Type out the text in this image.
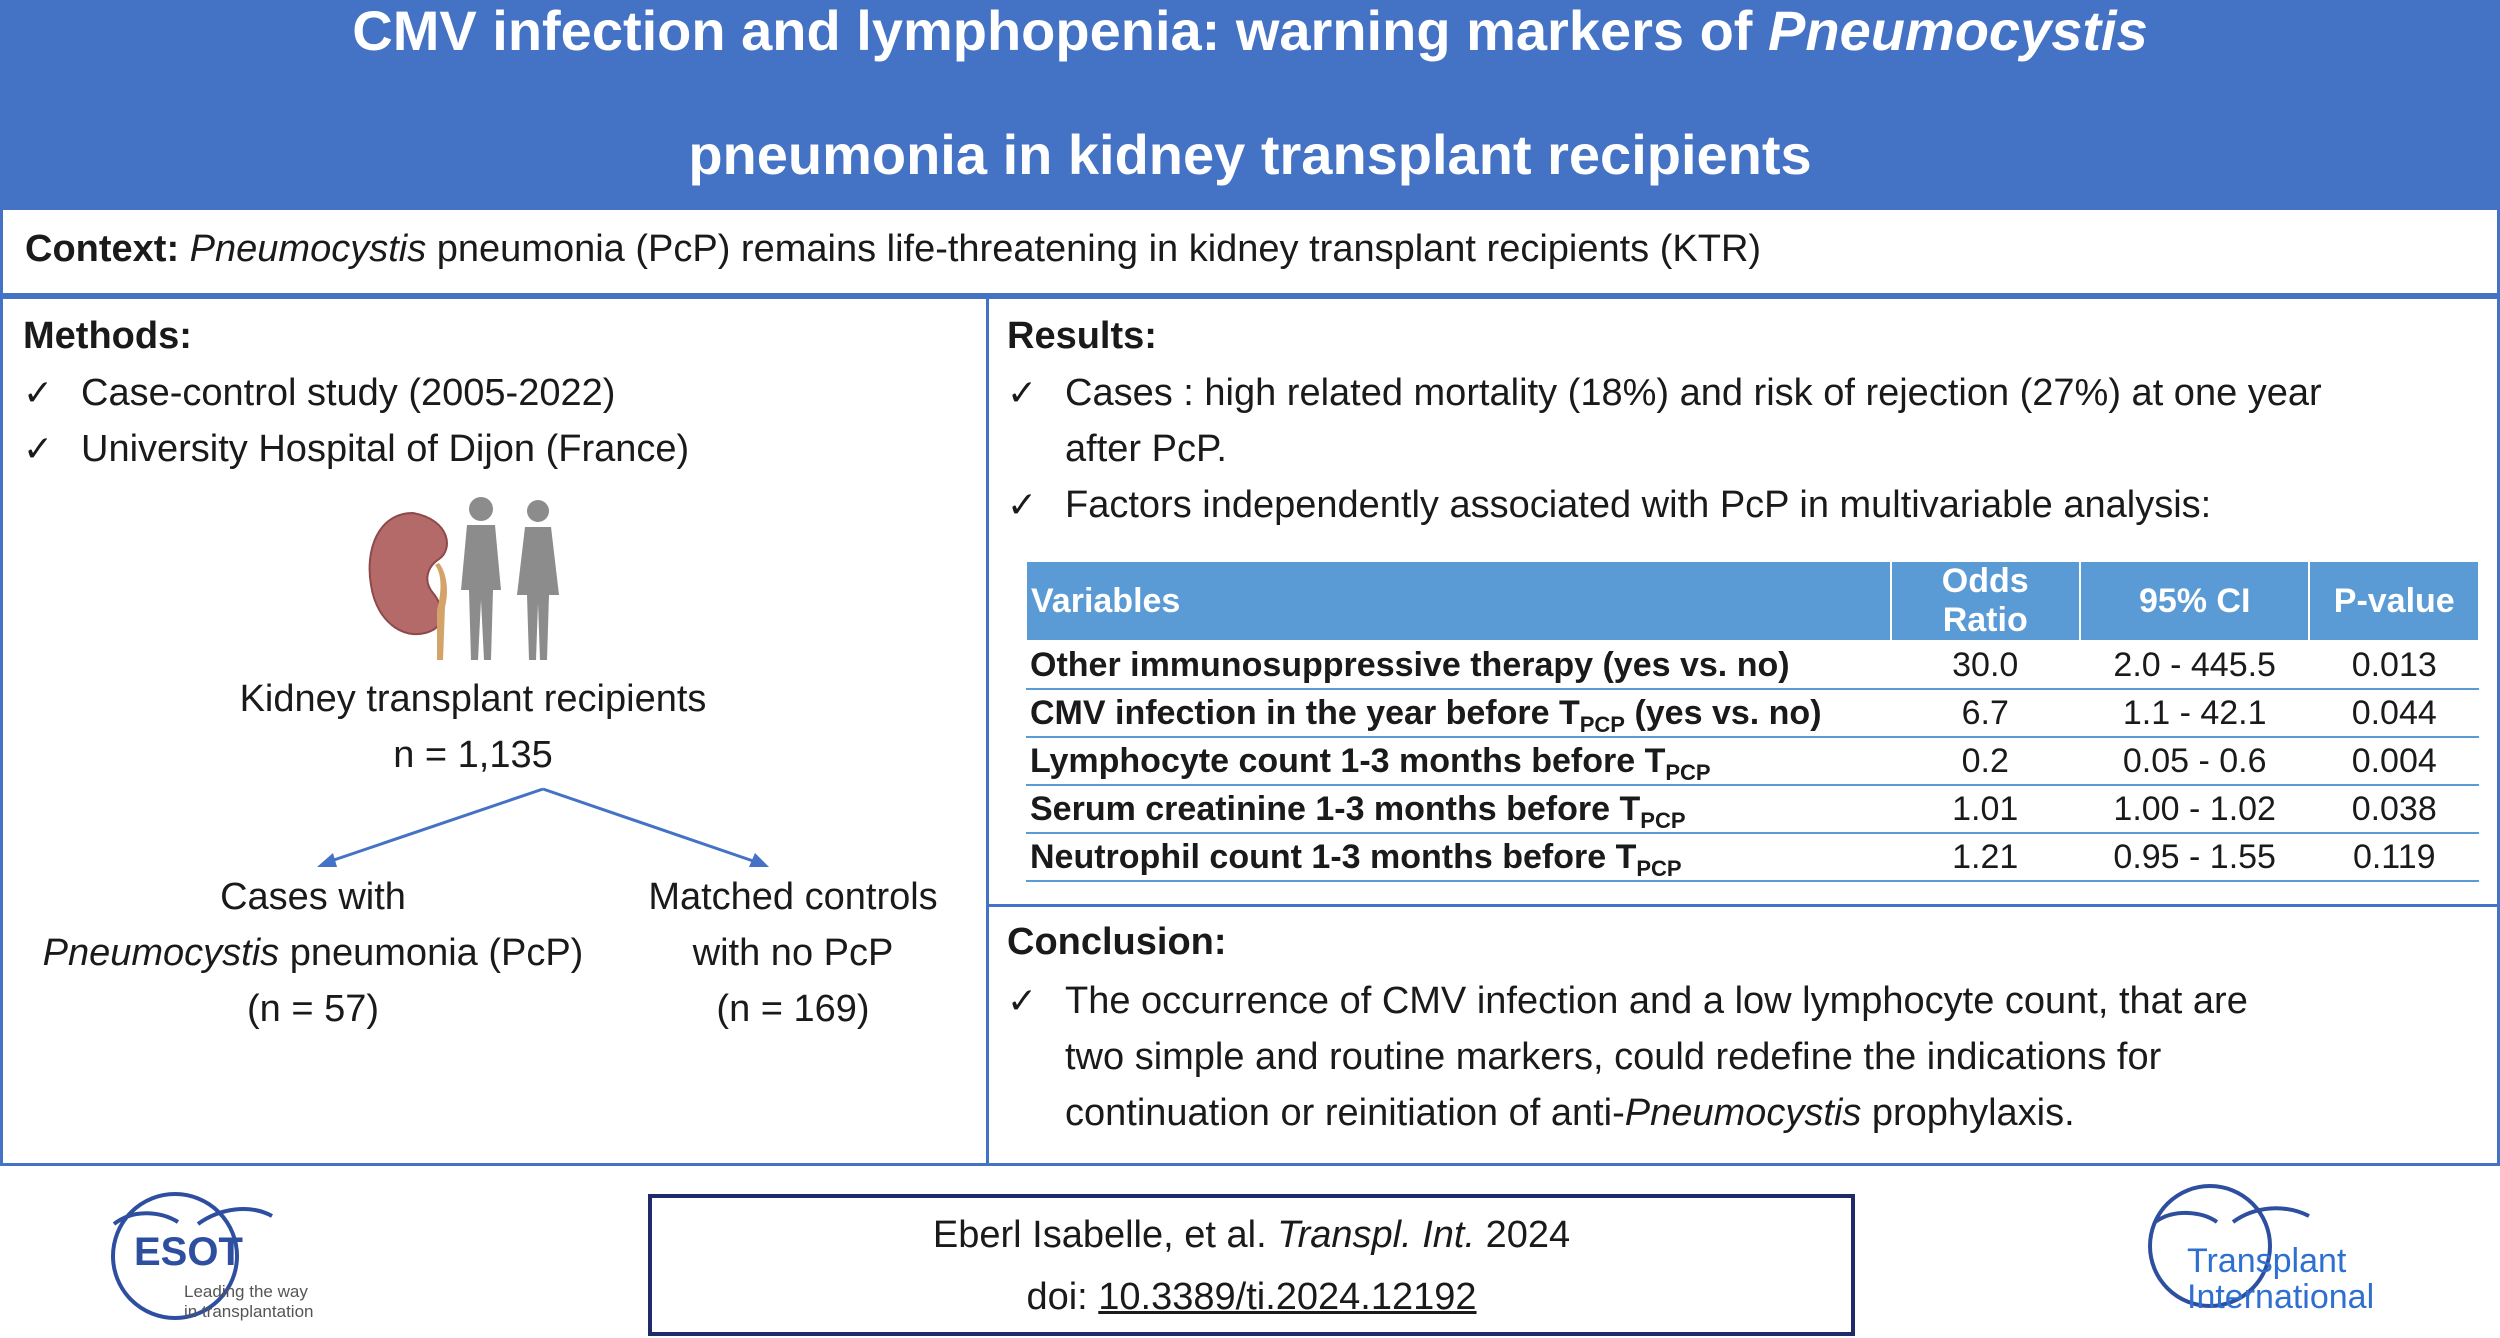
CMV infection and lymphopenia: warning markers of Pneumocystis
pneumonia in kidney transplant recipients
Context: Pneumocystis pneumonia (PcP) remains life-threatening in kidney transplant recipients (KTR)
Methods:
✓ Case-control study (2005-2022)
✓ University Hospital of Dijon (France)
Kidney transplant recipients
n = 1,135
Cases with
Pneumocystis pneumonia (PcP)
(n = 57)
Matched controls
with no PcP
(n = 169)
Results:
✓ Cases : high related mortality (18%) and risk of rejection (27%) at one year
after PcP.
✓ Factors independently associated with PcP in multivariable analysis:
Variables	Odds Ratio	95% CI	P-value
Other immunosuppressive therapy (yes vs. no)	30.0	2.0 - 445.5	0.013
CMV infection in the year before $T_{PCP}$ (yes vs. no)	6.7	1.1 - 42.1	0.044
Lymphocyte count 1-3 months before $T_{PCP}$	0.2	0.05 - 0.6	0.004
Serum creatinine 1-3 months before $T_{PCP}$	1.01	1.00 - 1.02	0.038
Neutrophil count 1-3 months before $T_{PCP}$	1.21	0.95 - 1.55	0.119
Conclusion:
✓ The occurrence of CMV infection and a low lymphocyte count, that are
two simple and routine markers, could redefine the indications for
continuation or reinitiation of anti-Pneumocystis prophylaxis.
ESOT
Leading the way
in transplantation
Eberl Isabelle, et al. Transpl. Int. 2024
doi: 10.3389/ti.2024.12192
Transplant
International
